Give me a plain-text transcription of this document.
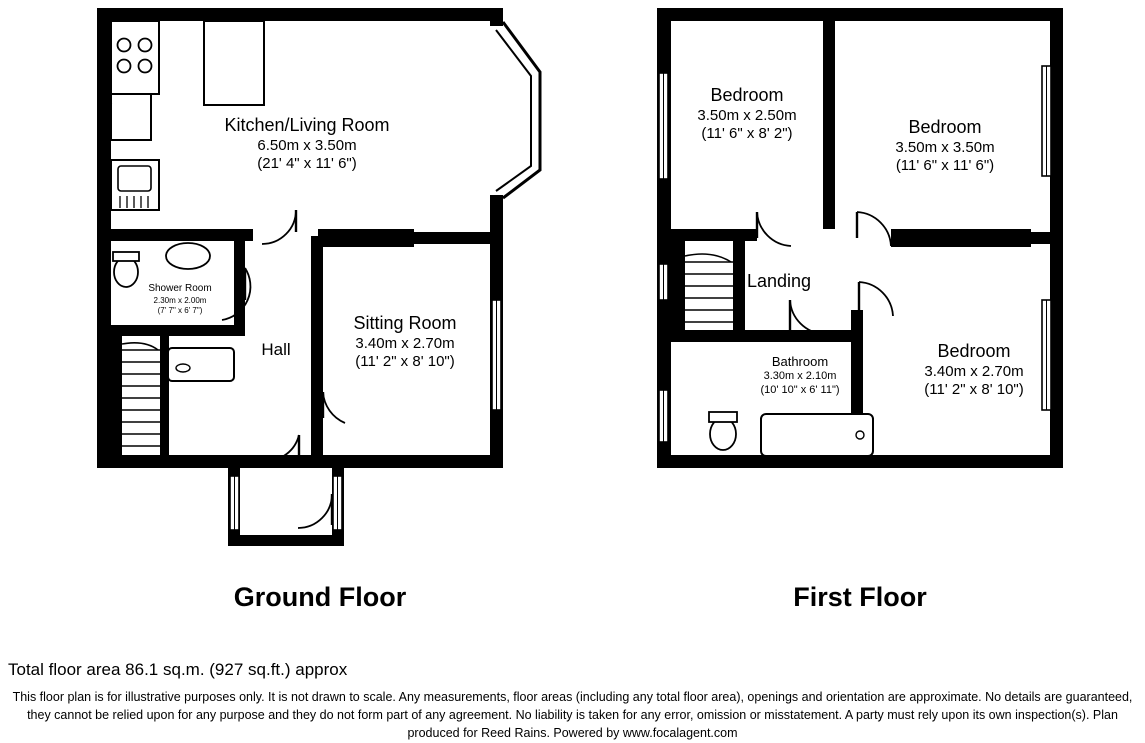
Kitchen/Living Room
6.50m x 3.50m
(21' 4" x 11' 6")
Shower Room
2.30m x 2.00m
(7' 7" x 6' 7")
Hall
Sitting Room
3.40m x 2.70m
(11' 2" x 8' 10")
Bedroom
3.50m x 2.50m
(11' 6" x 8' 2")	Bedroom
3.50m x 3.50m
(11' 6" x 11' 6")
Landing
Bathroom
3.30m x 2.10m
(10' 10" x 6' 11")
Bedroom
3.40m x 2.70m
(11' 2" x 8' 10")
Ground Floor	First Floor
Total floor area 86.1 sq.m. (927 sq.ft.) approx
This floor plan is for illustrative purposes only. It is not drawn to scale. Any measurements, floor areas (including any total floor area), openings and orientation are approximate. No details are guaranteed, they cannot be relied upon for any purpose and they do not form part of any agreement. No liability is taken for any error, omission or misstatement. A party must rely upon its own inspection(s). Plan produced for Reed Rains. Powered by www.focalagent.com
